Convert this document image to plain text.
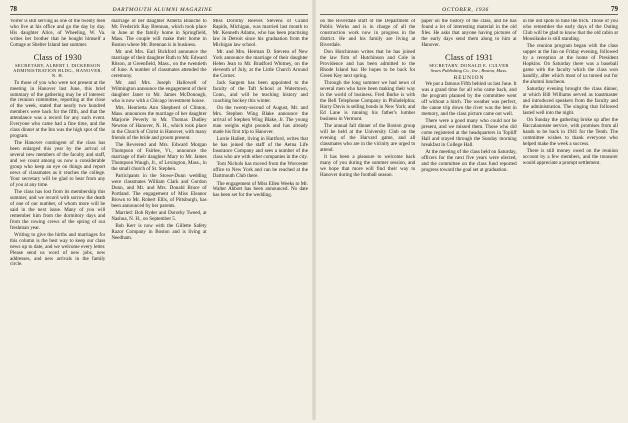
78	DARTMOUTH ALUMNI MAGAZINE

Vorrer is still serving as one of the twenty men who live at his office and go the day by day. His daughter Alice, of Wheeling, W. Va. writes her brother that he bought himself a Cottage at Shelter Island last summer.

Class of 1930
SECRETARY, ALBERT I. DICKERSON
ADMINISTRATION BLDG., HANOVER, N. H.

To those of you who were not present at the meeting in Hanover last June, this brief summary of the gathering may be of interest: the reunion committee, reporting at the close of the week, stated that nearly two hundred members were back for the fifth, and that the attendance was a record for any such event. Everyone who came had a fine time, and the class dinner at the Inn was the high spot of the program.

The Hanover contingent of the class has been enlarged this year by the arrival of several new members of the faculty and staff, and we count among us now a considerable group who keep an eye on things and report news of classmates as it reaches the college. Your secretary will be glad to hear from any of you at any time.

The class has lost from its membership this summer, and we record with sorrow the death of one of our number, of whom more will be said in the next issue. Many of you will remember him from the dormitory days and from the rowing crews of the spring of our freshman year.

Writing to give the births and marriages for this column is the best way to keep our class news up to date, and we welcome every letter. Please send us word of new jobs, new addresses, and new arrivals in the family circle.

marriage of her daughter Alberta Blanche to Mr. Frederick Ray Brennan, which took place in June at the family home in Springfield, Mass. The couple will make their home in Boston where Mr. Brennan is in business.

Mr. and Mrs. Earl Bickford announce the marriage of their daughter Ruth to Mr. Edward Ritson, at Greenfield, Mass., on the twentieth of June. A number of classmates attended the ceremony.

Mr. and Mrs. Joseph Hallowell of Wilmington announce the engagement of their daughter Janet to Mr. James McDonough, who is now with a Chicago investment house.

Mrs. Henrietta Ann Shepherd of Clinton, Mass. announces the marriage of her daughter Marjorie Peverly to Mr. Thomas Dudley Newton of Hanover, N. H., which took place in the Church of Christ in Hanover, with many friends of the bride and groom present.

The Reverend and Mrs. Edward Morgan Thompson of Fairlee, Vt., announce the marriage of their daughter Mary to Mr. James Thompson Waugh, Jr., of Lexington, Mass., in the small church of St. Stephen.

Participants in the Stowe-Dunn wedding were classmates William Clark and Gordon Dunn, and Mr. and Mrs. Donald Bruce of Portland. The engagement of Miss Eleanor Brown to Mr. Robert Ellis, of Pittsburgh, has been announced by her parents.

Married: Bob Ryder and Dorothy Tweed, at Nashua, N. H., on September 5.

Bob Kerr is now with the Gillette Safety Razor Company in Boston and is living at Needham.

Miss Dorothy Reeves Stevens of Grand Rapids, Michigan, was married last month to Mr. Kenneth Adams, who has been practising law in Detroit since his graduation from the Michigan law school.

Mr. and Mrs. Herman D. Stevens of New York announce the marriage of their daughter Helen Jean to Mr. Bradford Whitney, on the eleventh of July, at the Little Church Around the Corner.

Jack Sargent has been appointed to the faculty of the Taft School at Watertown, Conn., and will be teaching history and coaching hockey this winter.

On the twenty-second of August, Mr. and Mrs. Stephen Wing Blake announce the arrival of Stephen Wing Blake, Jr. The young man weighs eight pounds and has already made his first trip to Hanover.

Lorrie Hallett, living in Hartford, writes that he has joined the staff of the Aetna Life Insurance Company and sees a number of the class who are with other companies in the city.

Tom Nichols has moved from the Worcester office to New York and can be reached at the Dartmouth Club there.

The engagement of Miss Ellen Weeks to Mr. Walter Abbott has been announced. No date has been set for the wedding.

OCTOBER, 1936	79

on the Riverdale staff of the Department of Public Works and is in charge of all the construction work now in progress in the district. He and his family are living at Riverdale.

Don Hutchinson writes that he has joined the law firm of Hutchinson and Cole in Providence and has been admitted to the Rhode Island bar. He hopes to be back for Green Key next spring.

Through the long summer we had news of several men who have been making their way in the world of business. Fred Burke is with the Bell Telephone Company in Philadelphia; Harry Davis is selling bonds in New York; and Ed Lane is running his father's lumber business in Vermont.

The annual fall dinner of the Boston group will be held at the University Club on the evening of the Harvard game, and all classmates who are in the vicinity are urged to attend.

It has been a pleasure to welcome back many of you during the summer session, and we hope that more will find their way to Hanover during the football season.

paper on the history of the class, and he has found a lot of interesting material in the old files. He asks that anyone having pictures of the early days send them along to him at Hanover.

Class of 1931
SECRETARY, DONALD E. CULVER
Sears Publishing Co., Inc., Boston, Mass.
REUNION

We put a famous Fifth behind us last June. It was a grand time for all who came back, and the program planned by the committee went off without a hitch. The weather was perfect, the canoe trip down the river was the best in memory, and the class picture came out well.

There were a good many who could not be present, and we missed them. Those who did come registered at the headquarters in Topliff Hall and stayed through the Sunday morning breakfast in College Hall.

At the meeting of the class held on Saturday, officers for the next five years were elected, and the committee on the class fund reported progress toward the goal set at graduation.

in the old spots to tune the trick. Those of you who remember the early days of the Outing Club will be glad to know that the old cabin at Moosilauke is still standing.

The reunion program began with the class supper at the Inn on Friday evening, followed by a reception at the home of President Hopkins. On Saturday there was a baseball game with the faculty which the class won handily, after which most of us turned out for the alumni luncheon.

Saturday evening brought the class dinner, at which Bill Williams served as toastmaster and introduced speakers from the faculty and the administration. The singing that followed lasted well into the night.

On Sunday the gathering broke up after the Baccalaureate service, with promises from all hands to be back in 1941 for the Tenth. The committee wishes to thank everyone who helped make the week a success.

There is still money owed on the reunion account by a few members, and the treasurer would appreciate a prompt settlement.
